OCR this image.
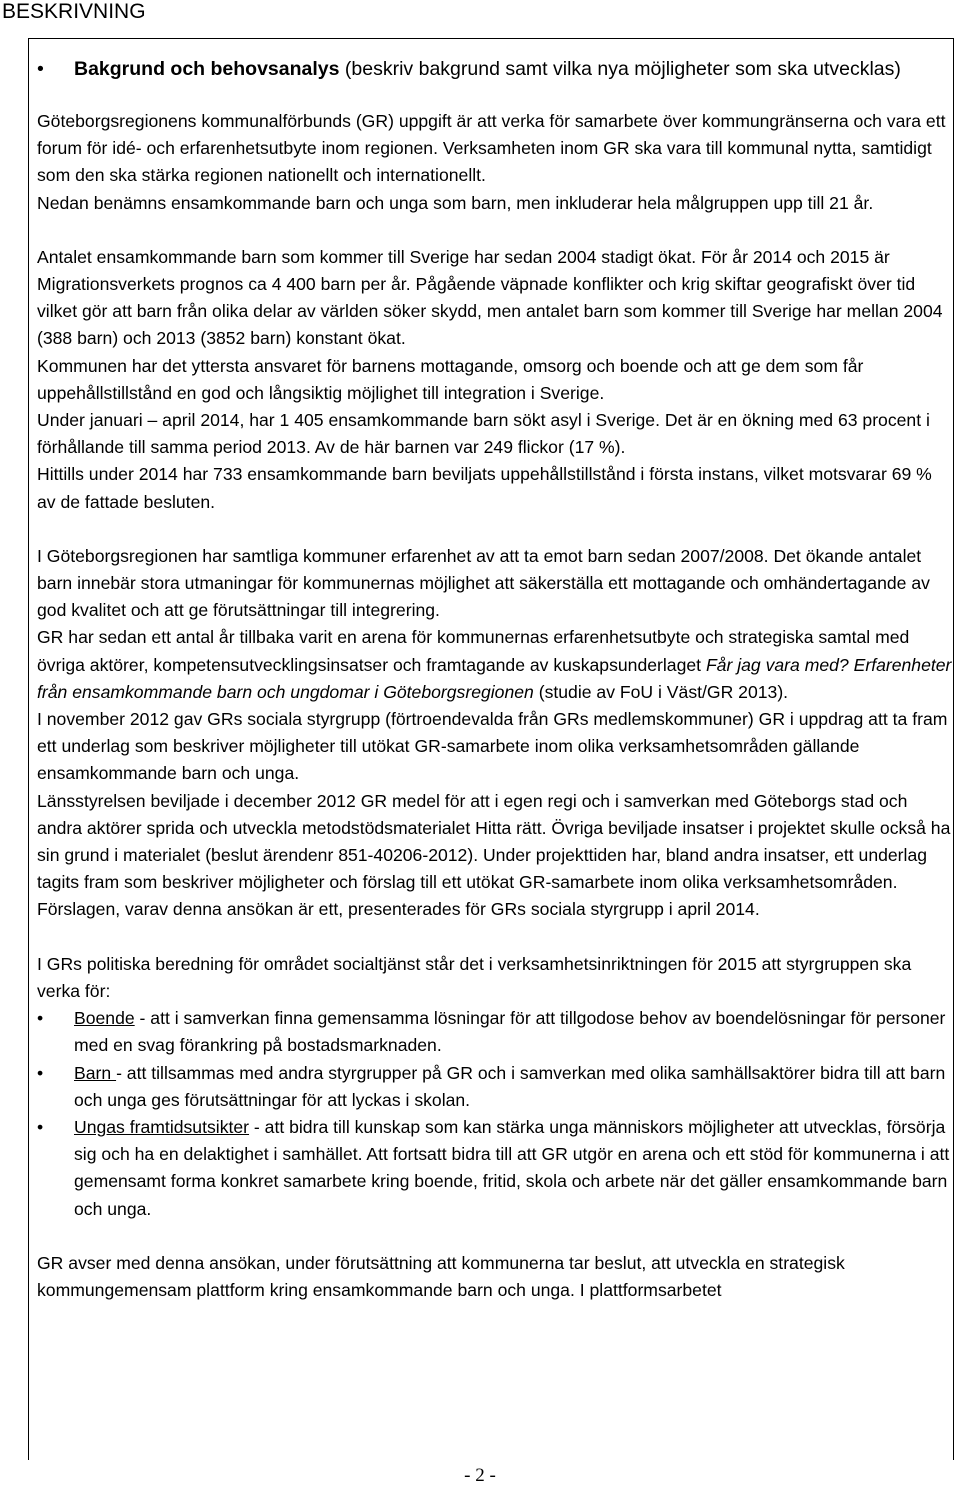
BESKRIVNING
• Bakgrund och behovsanalys (beskriv bakgrund samt vilka nya möjligheter som ska utvecklas)

Göteborgsregionens kommunalförbunds (GR) uppgift är att verka för samarbete över kommungränserna och vara ett forum för idé- och erfarenhetsutbyte inom regionen. Verksamheten inom GR ska vara till kommunal nytta, samtidigt som den ska stärka regionen nationellt och internationellt.

Nedan benämns ensamkommande barn och unga som barn, men inkluderar hela målgruppen upp till 21 år.

Antalet ensamkommande barn som kommer till Sverige har sedan 2004 stadigt ökat. För år 2014 och 2015 är Migrationsverkets prognos ca 4 400 barn per år. Pågående väpnade konflikter och krig skiftar geografiskt över tid vilket gör att barn från olika delar av världen söker skydd, men antalet barn som kommer till Sverige har mellan 2004 (388 barn) och 2013 (3852 barn) konstant ökat.

Kommunen har det yttersta ansvaret för barnens mottagande, omsorg och boende och att ge dem som får uppehållstillstånd en god och långsiktig möjlighet till integration i Sverige.

Under januari – april 2014, har 1 405 ensamkommande barn sökt asyl i Sverige. Det är en ökning med 63 procent i förhållande till samma period 2013. Av de här barnen var 249 flickor (17 %).

Hittills under 2014 har 733 ensamkommande barn beviljats uppehållstillstånd i första instans, vilket motsvarar 69 % av de fattade besluten.

I Göteborgsregionen har samtliga kommuner erfarenhet av att ta emot barn sedan 2007/2008. Det ökande antalet barn innebär stora utmaningar för kommunernas möjlighet att säkerställa ett mottagande och omhändertagande av god kvalitet och att ge förutsättningar till integrering.

GR har sedan ett antal år tillbaka varit en arena för kommunernas erfarenhetsutbyte och strategiska samtal med övriga aktörer, kompetensutvecklingsinsatser och framtagande av kuskapsunderlaget Får jag vara med? Erfarenheter från ensamkommande barn och ungdomar i Göteborgsregionen (studie av FoU i Väst/GR 2013).

I november 2012 gav GRs sociala styrgrupp (förtroendevalda från GRs medlemskommuner) GR i uppdrag att ta fram ett underlag som beskriver möjligheter till utökat GR-samarbete inom olika verksamhetsområden gällande ensamkommande barn och unga.

Länsstyrelsen beviljade i december 2012 GR medel för att i egen regi och i samverkan med Göteborgs stad och andra aktörer sprida och utveckla metodstödsmaterialet Hitta rätt. Övriga beviljade insatser i projektet skulle också ha sin grund i materialet (beslut ärendenr 851-40206-2012). Under projekttiden har, bland andra insatser, ett underlag tagits fram som beskriver möjligheter och förslag till ett utökat GR-samarbete inom olika verksamhetsområden. Förslagen, varav denna ansökan är ett, presenterades för GRs sociala styrgrupp i april 2014.

I GRs politiska beredning för området socialtjänst står det i verksamhetsinriktningen för 2015 att styrgruppen ska verka för:

• Boende - att i samverkan finna gemensamma lösningar för att tillgodose behov av boendelösningar för personer med en svag förankring på bostadsmarknaden.
• Barn - att tillsammas med andra styrgrupper på GR och i samverkan med olika samhällsaktörer bidra till att barn och unga ges förutsättningar för att lyckas i skolan.
• Ungas framtidsutsikter - att bidra till kunskap som kan stärka unga människors möjligheter att utvecklas, försörja sig och ha en delaktighet i samhället. Att fortsatt bidra till att GR utgör en arena och ett stöd för kommunerna i att gemensamt forma konkret samarbete kring boende, fritid, skola och arbete när det gäller ensamkommande barn och unga.

GR avser med denna ansökan, under förutsättning att kommunerna tar beslut, att utveckla en strategisk kommungemensam plattform kring ensamkommande barn och unga. I plattformsarbetet

- 2 -
